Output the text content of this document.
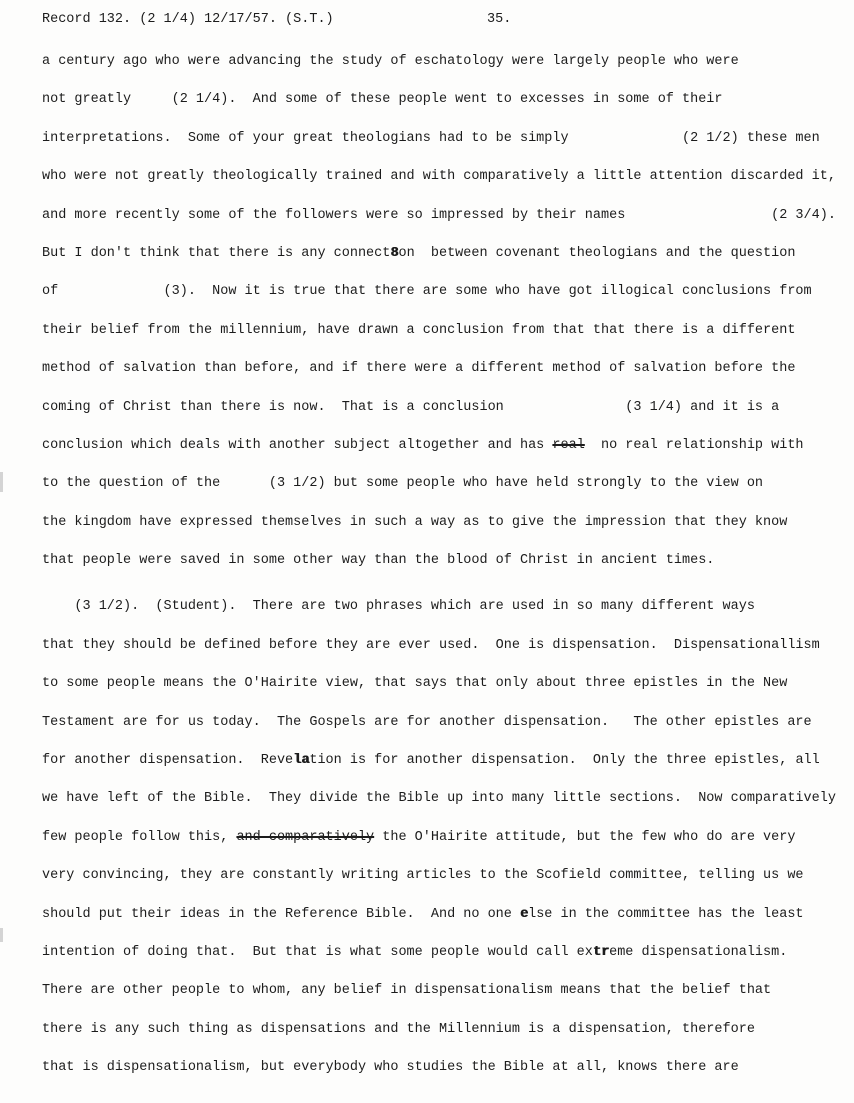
Record 132. (2 1/4) 12/17/57. (S.T.)	35.
a century ago who were advancing the study of eschatology were largely people who were
not greatly     (2 1/4).  And some of these people went to excesses in some of their
interpretations.  Some of your great theologians had to be simply              (2 1/2) these men
who were not greatly theologically trained and with comparatively a little attention discarded it,
and more recently some of the followers were so impressed by their names                  (2 3/4).
But I don't think that there is any connect8on  between covenant theologians and the question
of             (3).  Now it is true that there are some who have got illogical conclusions from
their belief from the millennium, have drawn a conclusion from that that there is a different
method of salvation than before, and if there were a different method of salvation before the
coming of Christ than there is now.  That is a conclusion               (3 1/4) and it is a
conclusion which deals with another subject altogether and has real  no real relationship with
to the question of the      (3 1/2) but some people who have held strongly to the view on
the kingdom have expressed themselves in such a way as to give the impression that they know
that people were saved in some other way than the blood of Christ in ancient times.
(3 1/2).  (Student).  There are two phrases which are used in so many different ways
that they should be defined before they are ever used.  One is dispensation.  Dispensationallism
to some people means the O'Hairite view, that says that only about three epistles in the New
Testament are for us today.  The Gospels are for another dispensation.   The other epistles are
for another dispensation.  Revelation is for another dispensation.  Only the three epistles, all
we have left of the Bible.  They divide the Bible up into many little sections.  Now comparatively
few people follow this, and comparatively the O'Hairite attitude, but the few who do are very
very convincing, they are constantly writing articles to the Scofield committee, telling us we
should put their ideas in the Reference Bible.  And no one else in the committee has the least
intention of doing that.  But that is what some people would call extreme dispensationalism.
There are other people to whom, any belief in dispensationalism means that the belief that
there is any such thing as dispensations and the Millennium is a dispensation, therefore
that is dispensationalism, but everybody who studies the Bible at all, knows there are
